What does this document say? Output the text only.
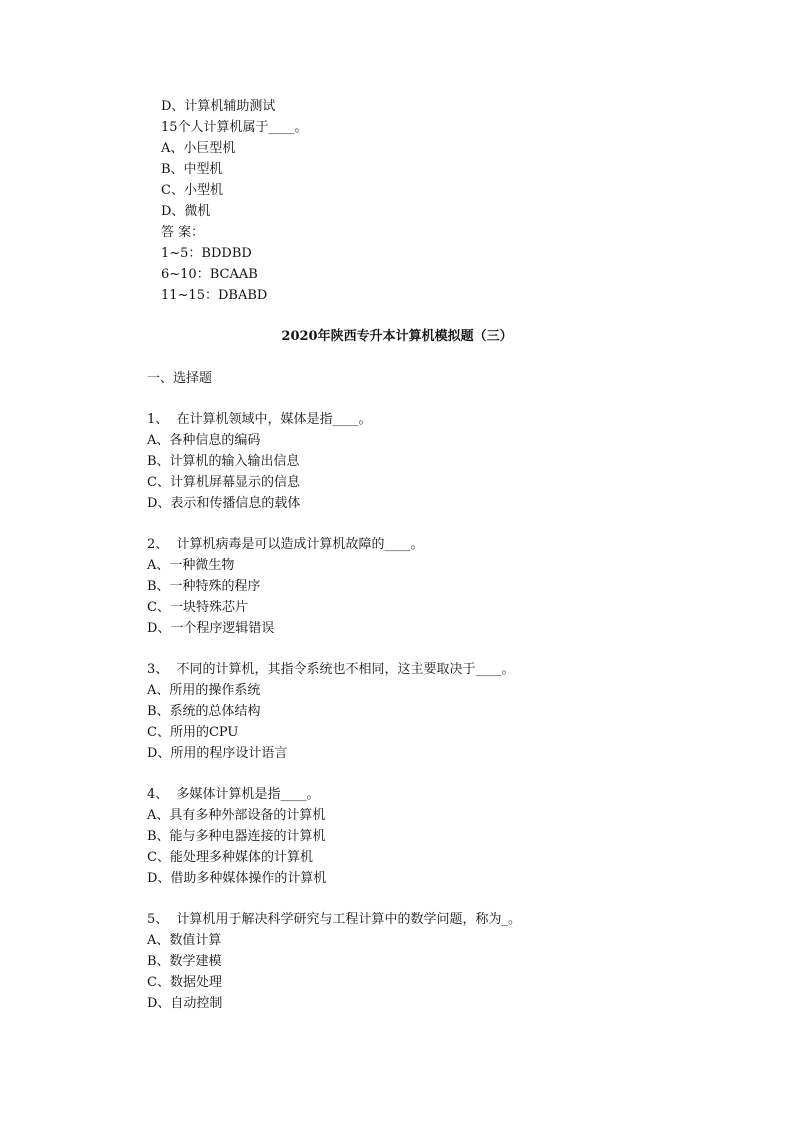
D、计算机辅助测试
15个人计算机属于____。
A、小巨型机
B、中型机
C、小型机
D、微机
答 案：
1~5：BDDBD
6~10：BCAAB
11~15：DBABD
2020年陕西专升本计算机模拟题（三）
一、选择题
1、  在计算机领域中，媒体是指____。
A、各种信息的编码
B、计算机的输入输出信息
C、计算机屏幕显示的信息
D、表示和传播信息的载体
2、  计算机病毒是可以造成计算机故障的____。
A、一种微生物
B、一种特殊的程序
C、一块特殊芯片
D、一个程序逻辑错误
3、  不同的计算机，其指令系统也不相同，这主要取决于____。
A、所用的操作系统
B、系统的总体结构
C、所用的CPU
D、所用的程序设计语言
4、  多媒体计算机是指____。
A、具有多种外部设备的计算机
B、能与多种电器连接的计算机
C、能处理多种媒体的计算机
D、借助多种媒体操作的计算机
5、  计算机用于解决科学研究与工程计算中的数学问题，称为_。
A、数值计算
B、数学建模
C、数据处理
D、自动控制
